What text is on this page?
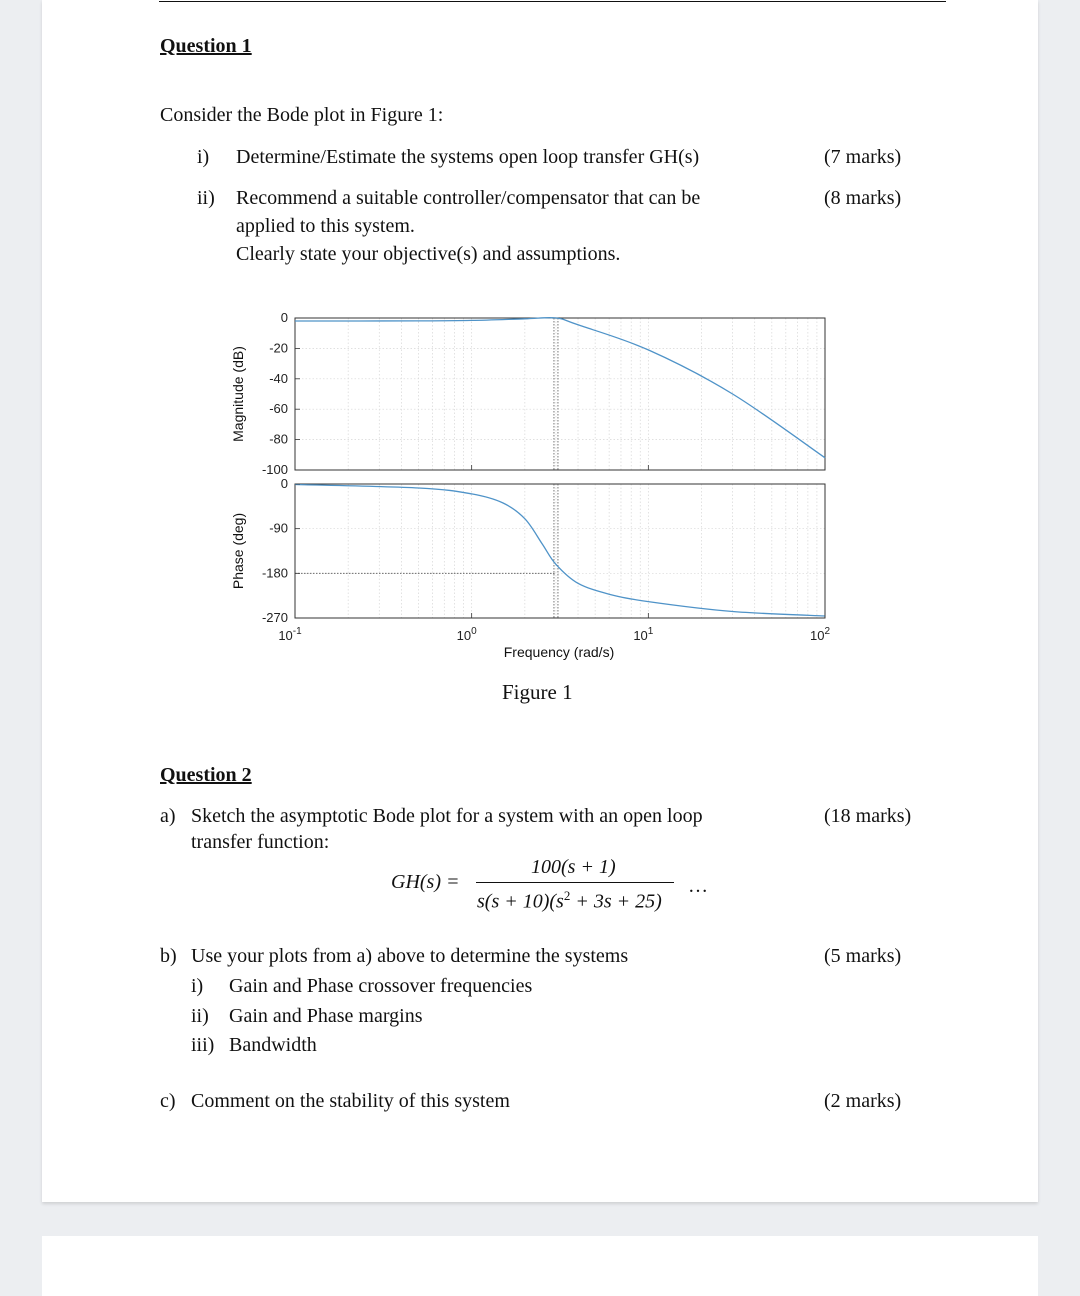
Question 1
Consider the Bode plot in Figure 1:
i) Determine/Estimate the systems open loop transfer GH(s)	(7 marks)
ii) Recommend a suitable controller/compensator that can be
applied to this system.
Clearly state your objective(s) and assumptions.
(8 marks)
0
-20
-40
-60
-80
-100
0
-90
-180
-270
$10^{-1}$	$10^0$	$10^1$	$10^2$
Magnitude (dB)
Phase (deg)
Frequency (rad/s)
Figure 1
Question 2
a) Sketch the asymptotic Bode plot for a system with an open loop
transfer function:
(18 marks)
GH(s) =
100(s + 1)
$s(s + 10)(s^2 + 3s + 25)$
…
b) Use your plots from a) above to determine the systems	(5 marks)
i) Gain and Phase crossover frequencies
ii) Gain and Phase margins
iii) Bandwidth
c) Comment on the stability of this system	(2 marks)
